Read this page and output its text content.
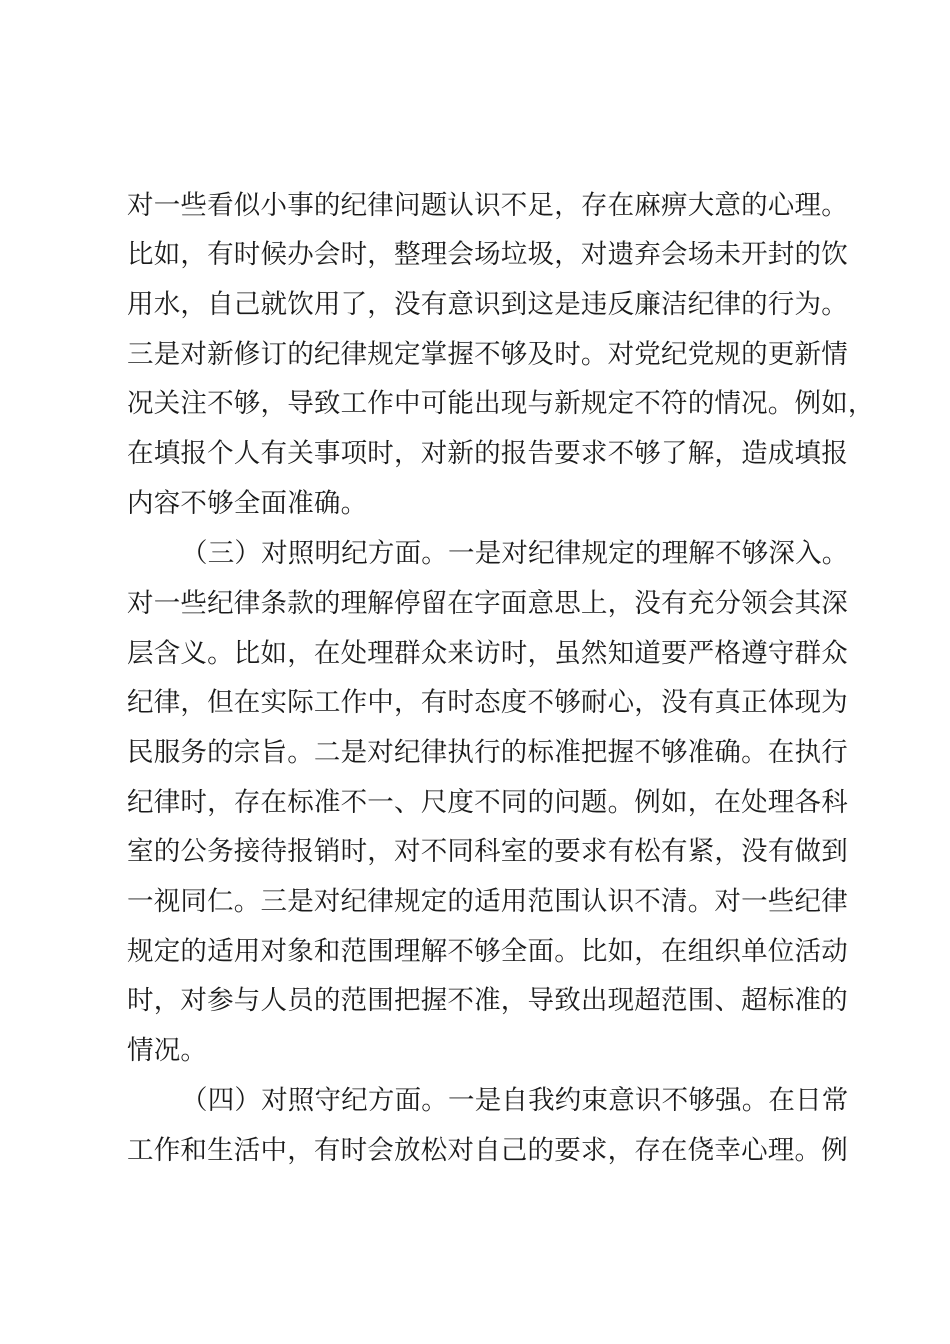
对一些看似小事的纪律问题认识不足，存在麻痹大意的心理。
比如，有时候办会时，整理会场垃圾，对遗弃会场未开封的饮
用水，自己就饮用了，没有意识到这是违反廉洁纪律的行为。
三是对新修订的纪律规定掌握不够及时。对党纪党规的更新情
况关注不够，导致工作中可能出现与新规定不符的情况。例如，
在填报个人有关事项时，对新的报告要求不够了解，造成填报
内容不够全面准确。
（三）对照明纪方面。一是对纪律规定的理解不够深入。
对一些纪律条款的理解停留在字面意思上，没有充分领会其深
层含义。比如，在处理群众来访时，虽然知道要严格遵守群众
纪律，但在实际工作中，有时态度不够耐心，没有真正体现为
民服务的宗旨。二是对纪律执行的标准把握不够准确。在执行
纪律时，存在标准不一、尺度不同的问题。例如，在处理各科
室的公务接待报销时，对不同科室的要求有松有紧，没有做到
一视同仁。三是对纪律规定的适用范围认识不清。对一些纪律
规定的适用对象和范围理解不够全面。比如，在组织单位活动
时，对参与人员的范围把握不准，导致出现超范围、超标准的
情况。
（四）对照守纪方面。一是自我约束意识不够强。在日常
工作和生活中，有时会放松对自己的要求，存在侥幸心理。例
